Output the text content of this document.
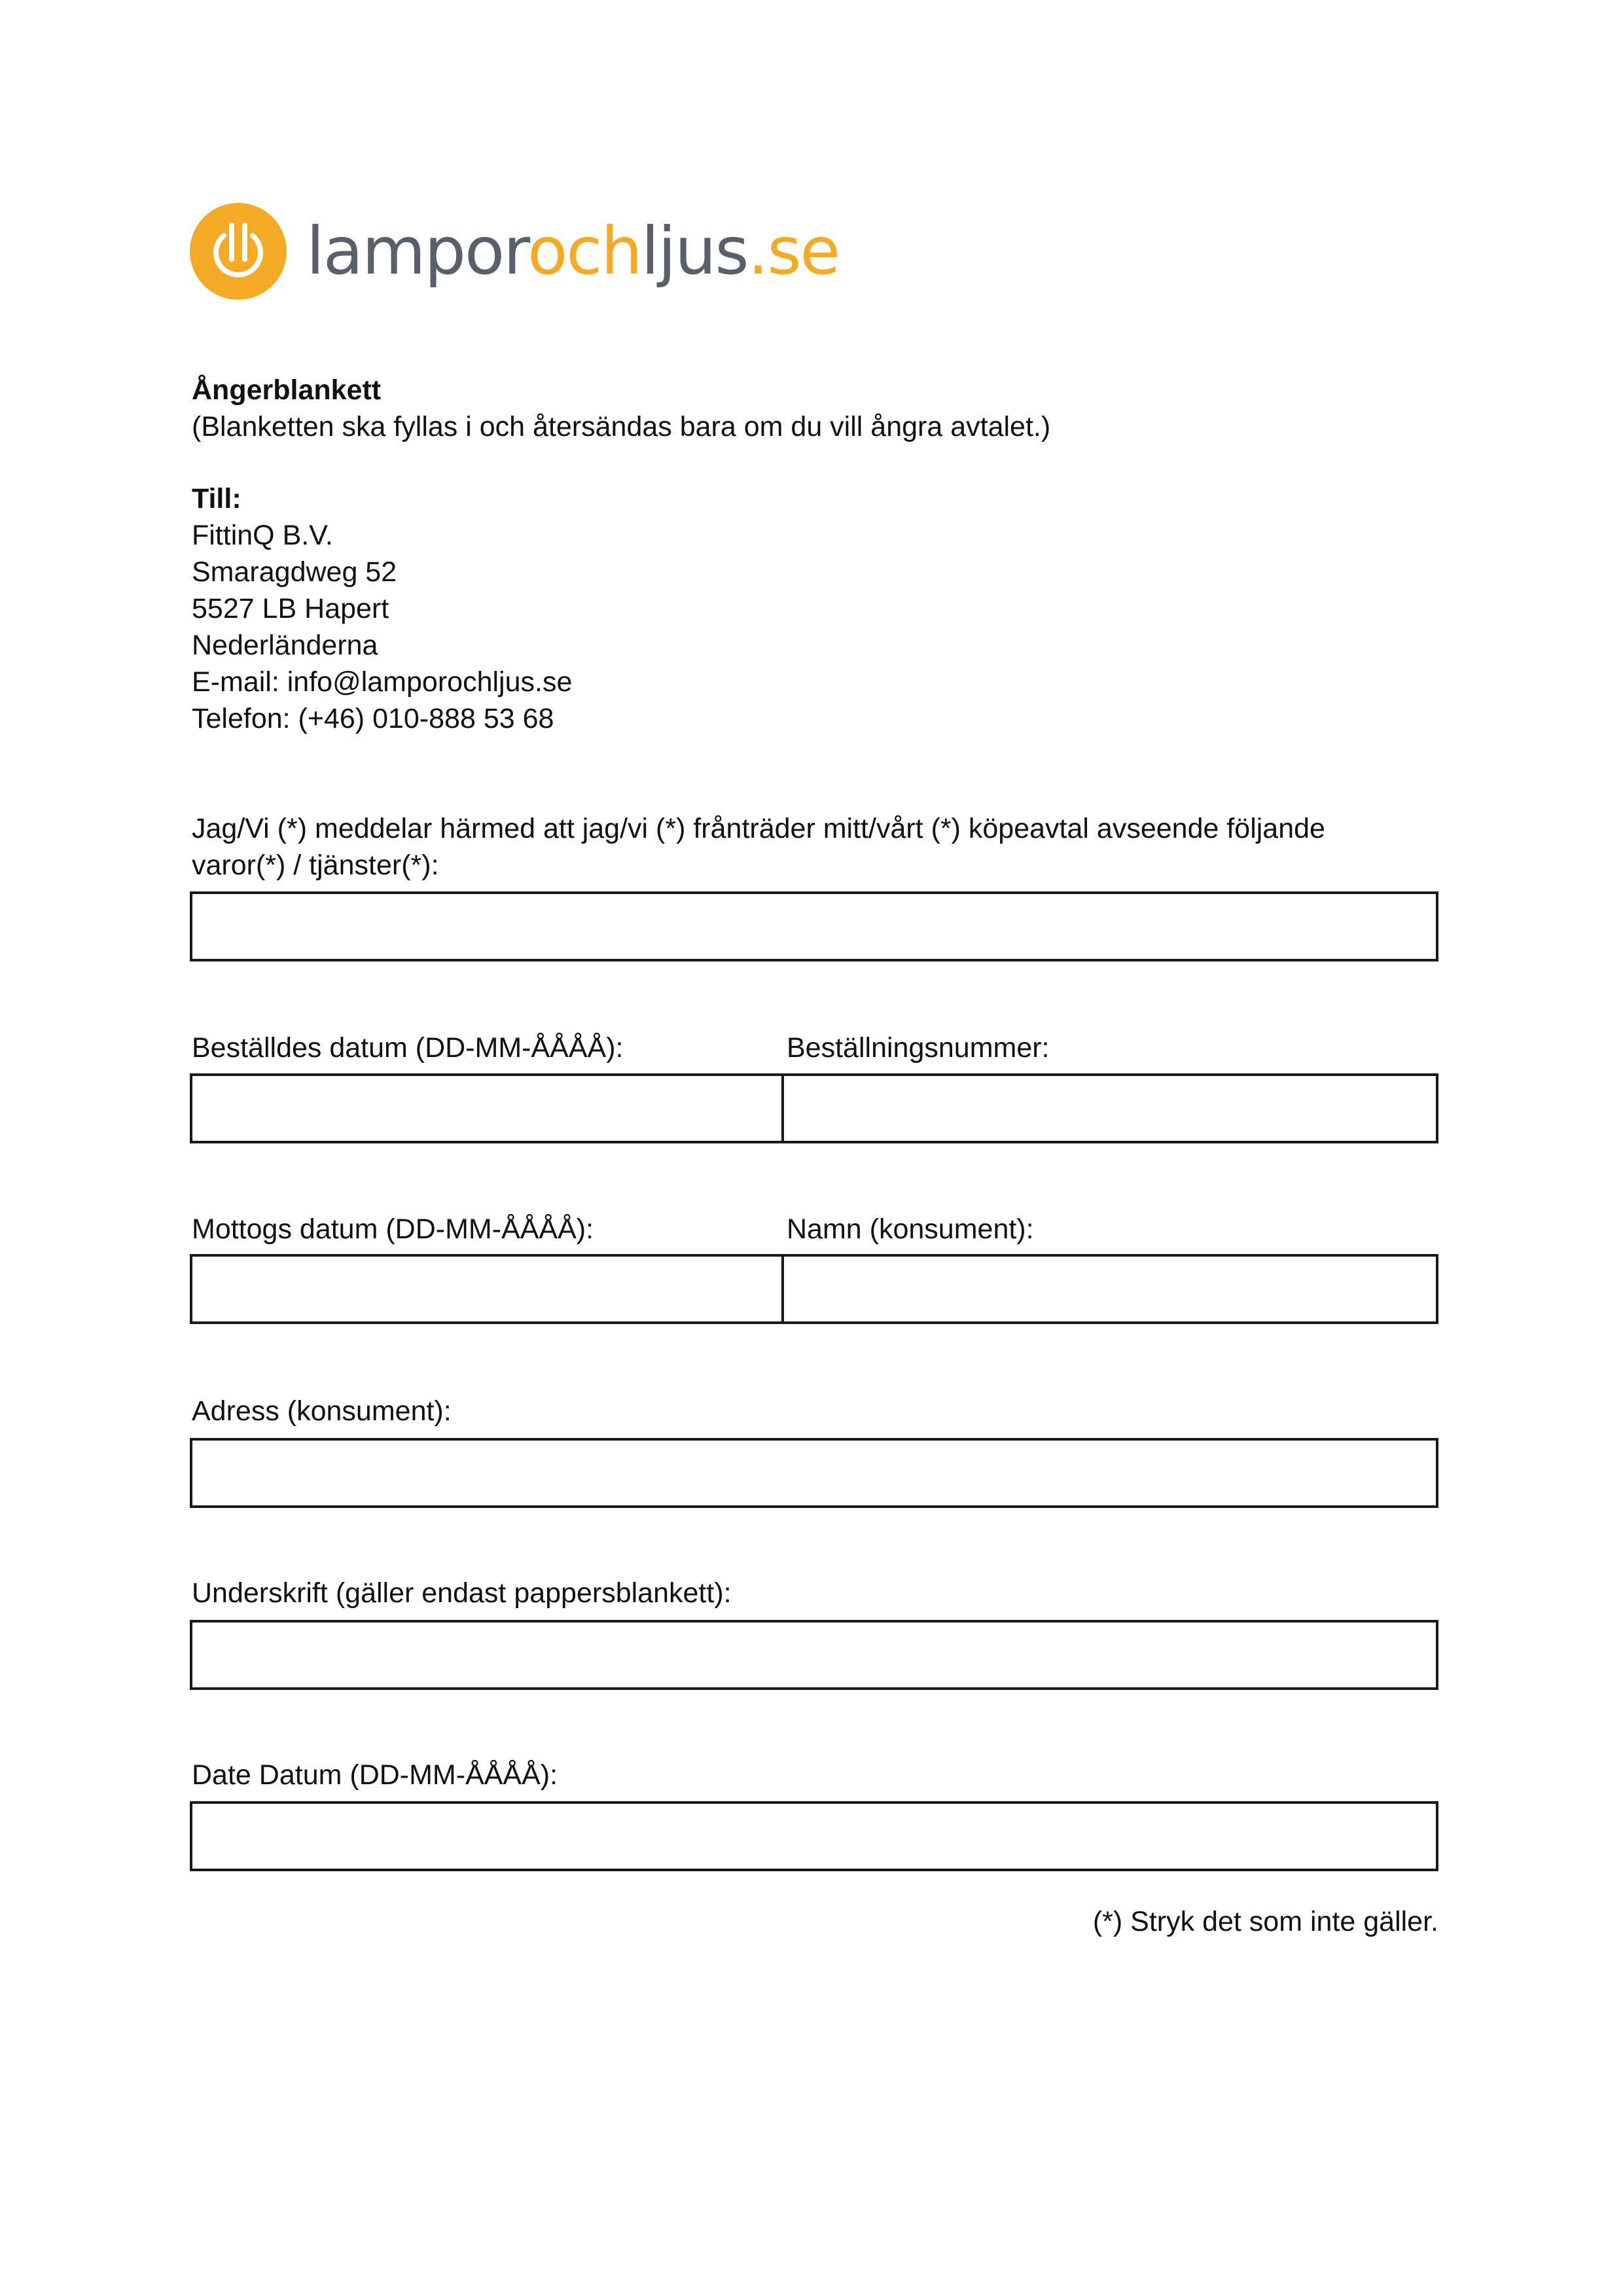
lamporochljus.se
Ångerblankett
(Blanketten ska fyllas i och återsändas bara om du vill ångra avtalet.)
Till:
FittinQ B.V.
Smaragdweg 52
5527 LB Hapert
Nederländerna
E-mail: info@lamporochljus.se
Telefon: (+46) 010-888 53 68
Jag/Vi (*) meddelar härmed att jag/vi (*) frånträder mitt/vårt (*) köpeavtal avseende följande
varor(*) / tjänster(*):
Beställdes datum (DD-MM-ÅÅÅÅ):	Beställningsnummer:
Mottogs datum (DD-MM-ÅÅÅÅ):	Namn (konsument):
Adress (konsument):
Underskrift (gäller endast pappersblankett):
Date Datum (DD-MM-ÅÅÅÅ):
(*) Stryk det som inte gäller.
